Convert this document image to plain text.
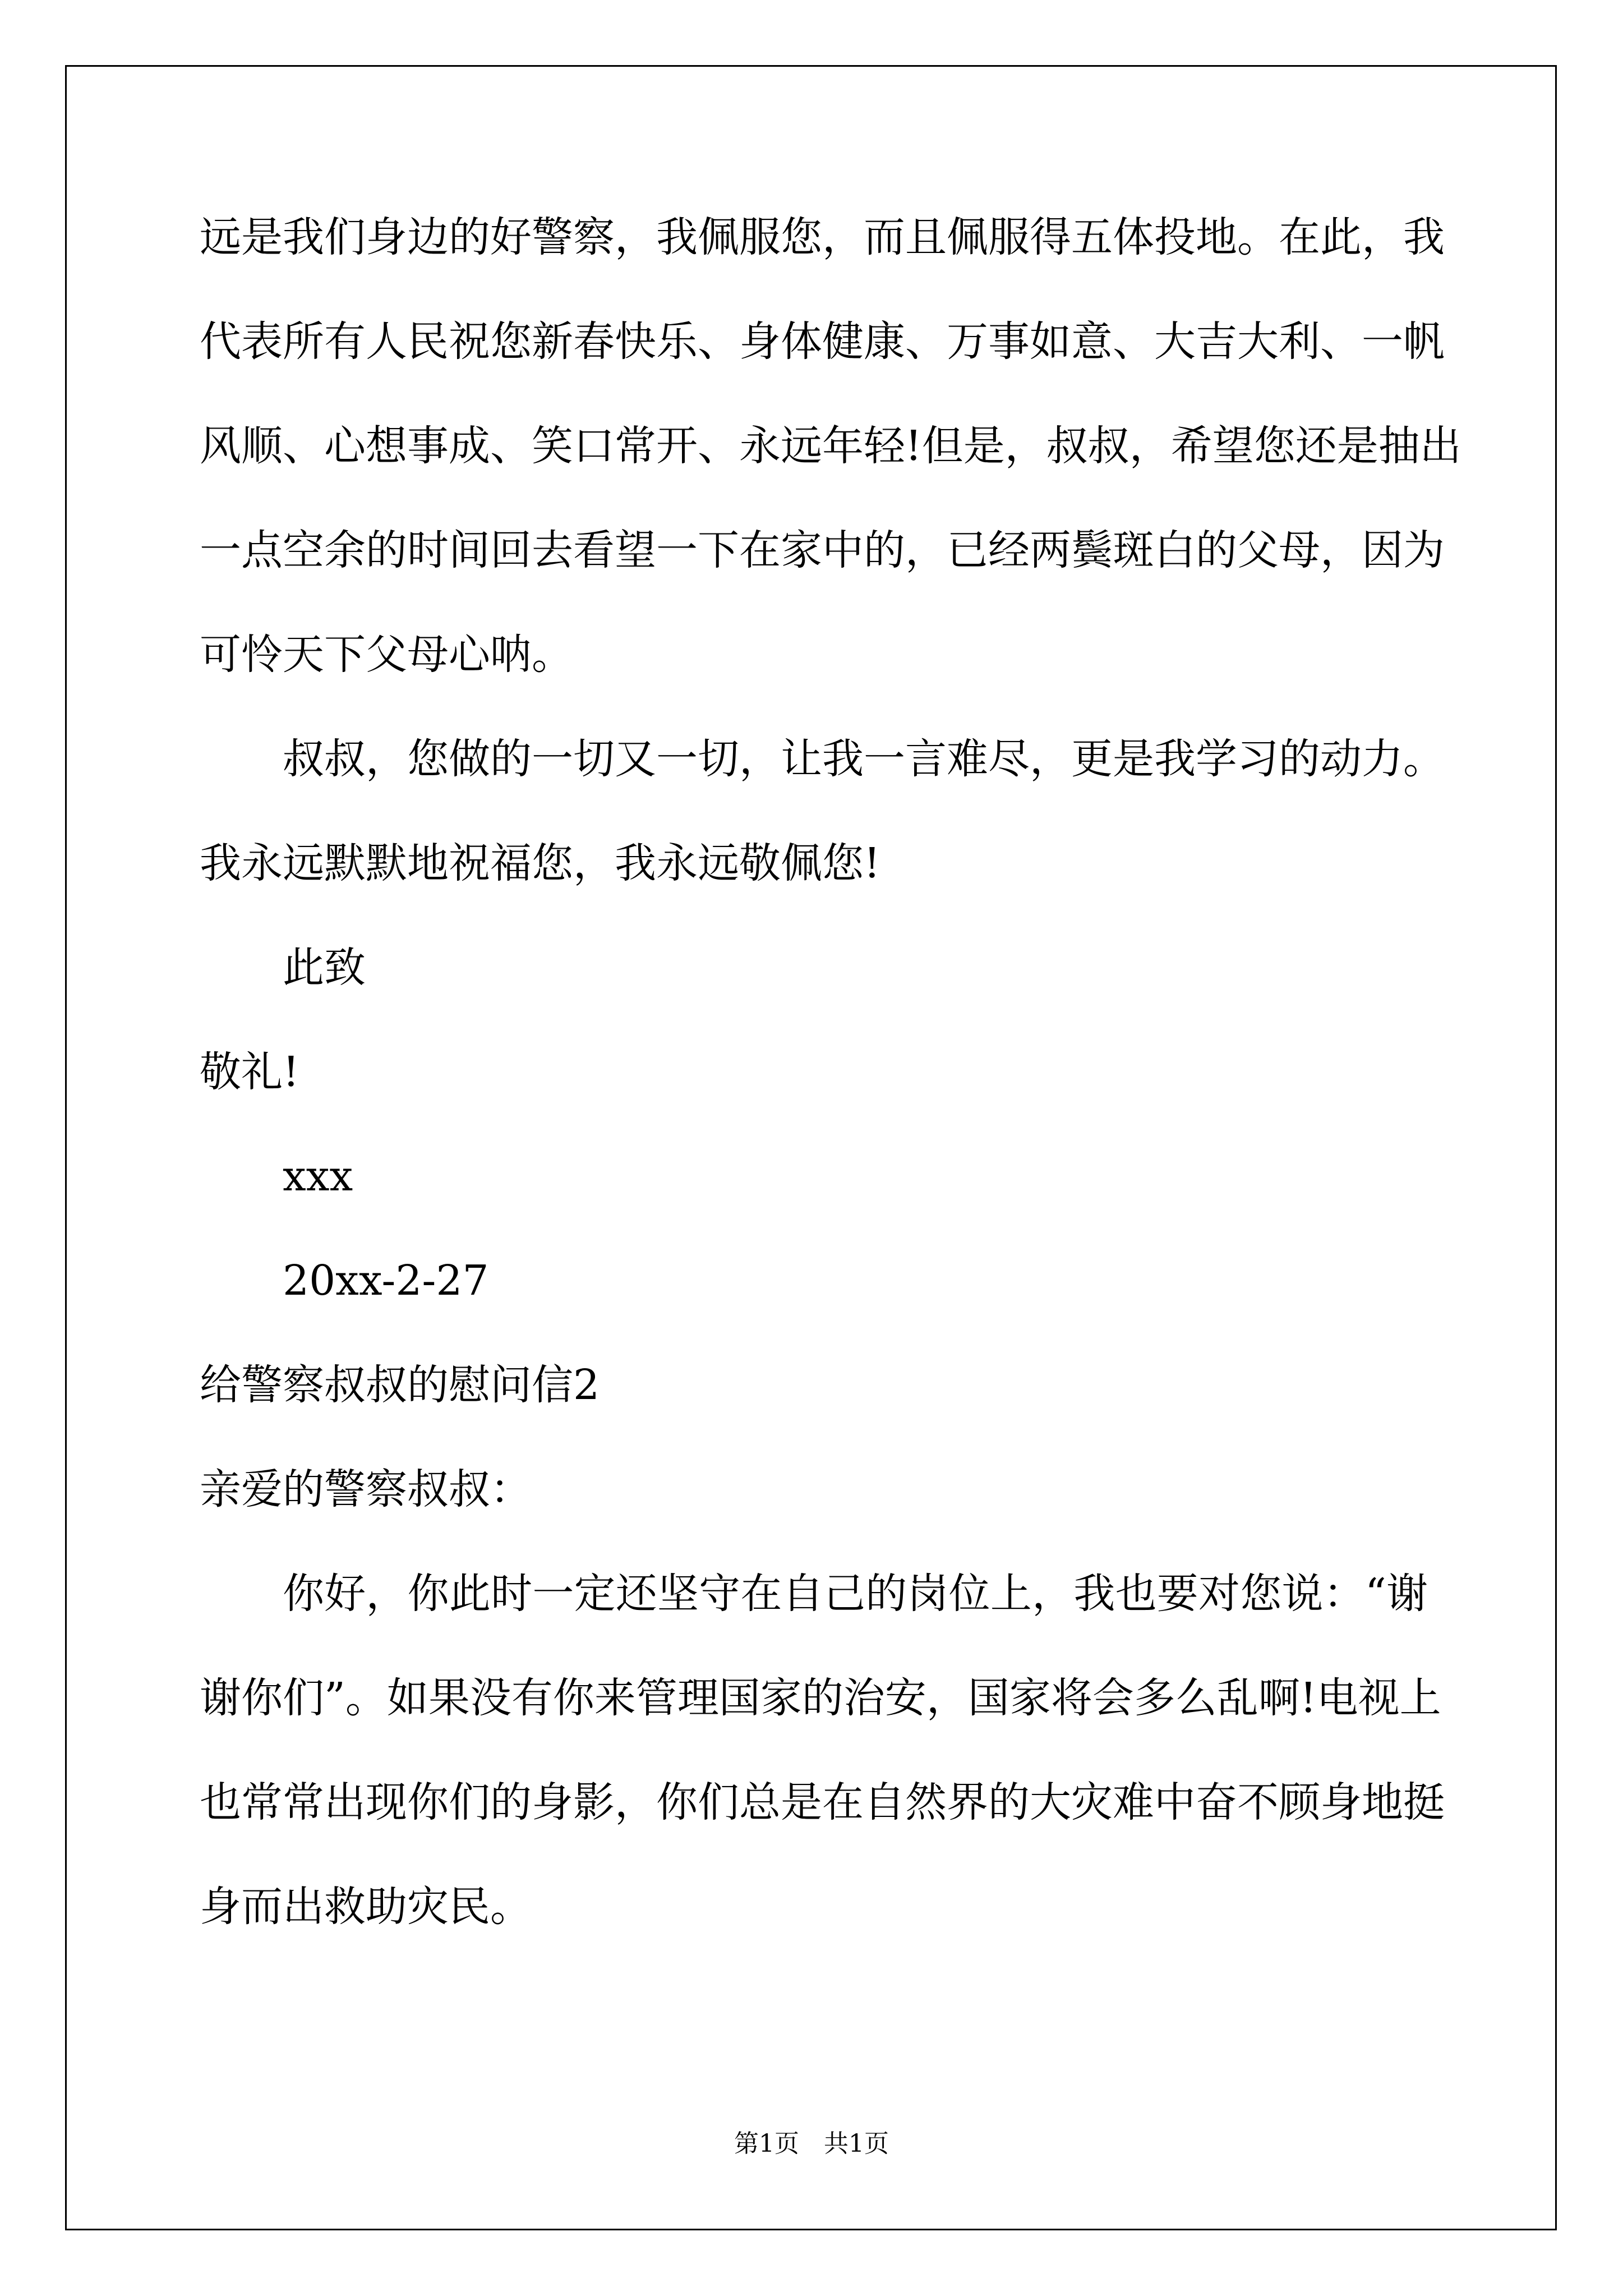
远是我们身边的好警察，我佩服您，而且佩服得五体投地。在此，我
代表所有人民祝您新春快乐、身体健康、万事如意、大吉大利、一帆
风顺、心想事成、笑口常开、永远年轻!但是，叔叔，希望您还是抽出
一点空余的时间回去看望一下在家中的，已经两鬓斑白的父母，因为
可怜天下父母心呐。
叔叔，您做的一切又一切，让我一言难尽，更是我学习的动力。
我永远默默地祝福您，我永远敬佩您!
此致
敬礼!
xxx
20xx-2-27
给警察叔叔的慰问信2
亲爱的警察叔叔：
你好，你此时一定还坚守在自己的岗位上，我也要对您说：“谢
谢你们”。如果没有你来管理国家的治安，国家将会多么乱啊!电视上
也常常出现你们的身影，你们总是在自然界的大灾难中奋不顾身地挺
身而出救助灾民。
第1页　共1页
